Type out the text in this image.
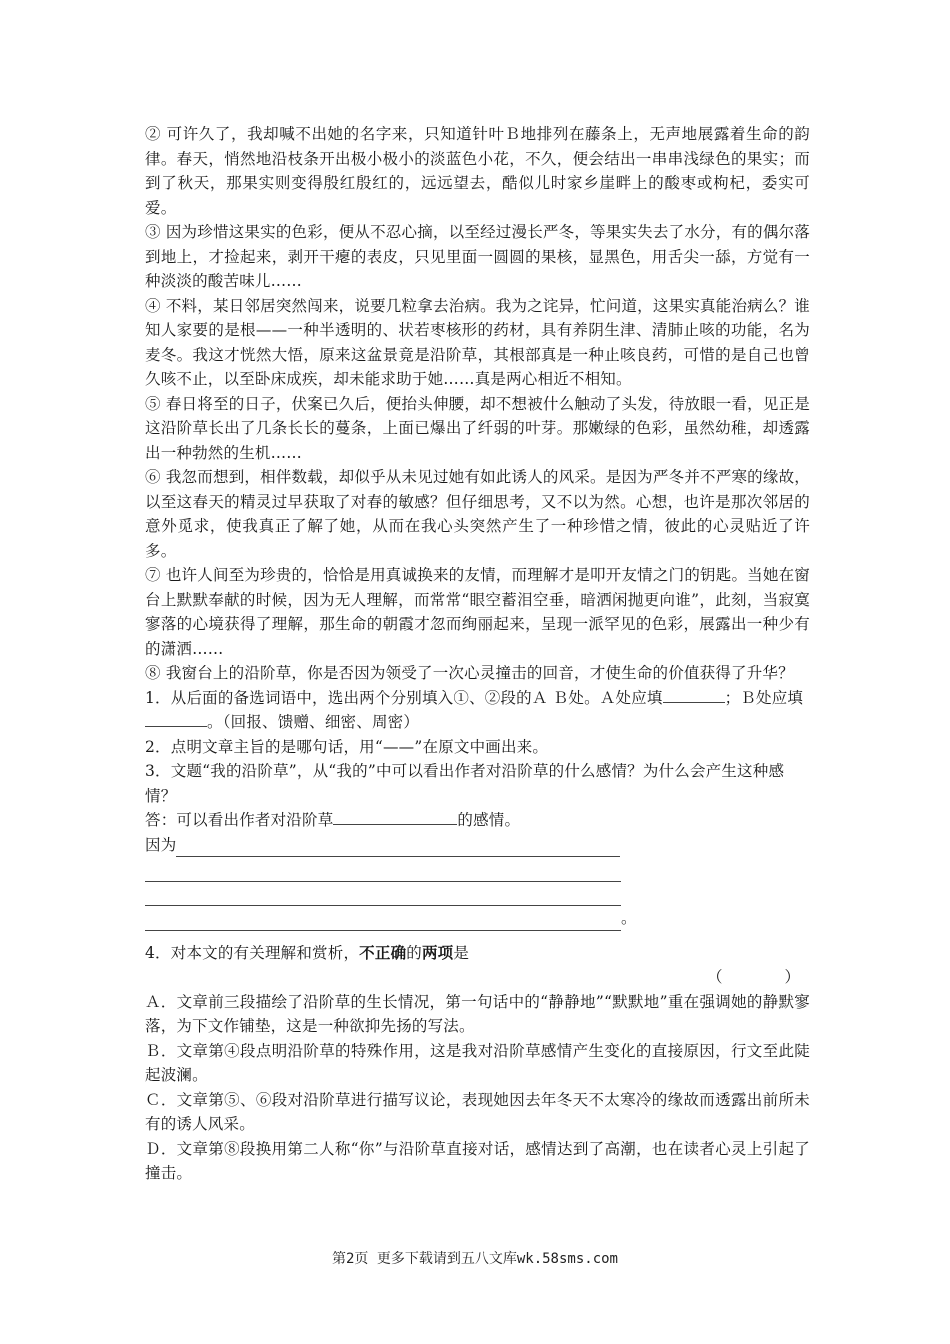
② 可许久了，我却喊不出她的名字来，只知道针叶Ｂ地排列在藤条上，无声地展露着生命的韵律。春天，悄然地沿枝条开出极小极小的淡蓝色小花，不久，便会结出一串串浅绿色的果实；而到了秋天，那果实则变得殷红殷红的，远远望去，酷似儿时家乡崖畔上的酸枣或枸杞，委实可爱。

③ 因为珍惜这果实的色彩，便从不忍心摘，以至经过漫长严冬，等果实失去了水分，有的偶尔落到地上，才捡起来，剥开干瘪的表皮，只见里面一圆圆的果核，显黑色，用舌尖一舔，方觉有一种淡淡的酸苦味儿……

④ 不料，某日邻居突然闯来，说要几粒拿去治病。我为之诧异，忙问道，这果实真能治病么？谁知人家要的是根——一种半透明的、状若枣核形的药材，具有养阴生津、清肺止咳的功能，名为麦冬。我这才恍然大悟，原来这盆景竟是沿阶草，其根部真是一种止咳良药，可惜的是自己也曾久咳不止，以至卧床成疾，却未能求助于她……真是两心相近不相知。

⑤ 春日将至的日子，伏案已久后，便抬头伸腰，却不想被什么触动了头发，待放眼一看，见正是这沿阶草长出了几条长长的蔓条，上面已爆出了纤弱的叶芽。那嫩绿的色彩，虽然幼稚，却透露出一种勃然的生机……

⑥ 我忽而想到，相伴数载，却似乎从未见过她有如此诱人的风采。是因为严冬并不严寒的缘故，以至这春天的精灵过早获取了对春的敏感？但仔细思考，又不以为然。心想，也许是那次邻居的意外觅求，使我真正了解了她，从而在我心头突然产生了一种珍惜之情，彼此的心灵贴近了许多。

⑦ 也许人间至为珍贵的，恰恰是用真诚换来的友情，而理解才是叩开友情之门的钥匙。当她在窗台上默默奉献的时候，因为无人理解，而常常“眼空蓄泪空垂，暗洒闲抛更向谁”，此刻，当寂寞寥落的心境获得了理解，那生命的朝霞才忽而绚丽起来，呈现一派罕见的色彩，展露出一种少有的潇洒……

⑧ 我窗台上的沿阶草，你是否因为领受了一次心灵撞击的回音，才使生命的价值获得了升华？

1．从后面的备选词语中，选出两个分别填入①、②段的Ａ Ｂ处。Ａ处应填	；Ｂ处应填。（回报、馈赠、细密、周密）

2．点明文章主旨的是哪句话，用“——”在原文中画出来。

3．文题“我的沿阶草”，从“我的”中可以看出作者对沿阶草的什么感情？为什么会产生这种感情？

答：可以看出作者对沿阶草	的感情。

因为
。

4．对本文的有关理解和赏析，不正确的两项是

（　　　　）

Ａ．文章前三段描绘了沿阶草的生长情况，第一句话中的“静静地”“默默地”重在强调她的静默寥落，为下文作铺垫，这是一种欲抑先扬的写法。

Ｂ．文章第④段点明沿阶草的特殊作用，这是我对沿阶草感情产生变化的直接原因，行文至此陡起波澜。

Ｃ．文章第⑤、⑥段对沿阶草进行描写议论，表现她因去年冬天不太寒冷的缘故而透露出前所未有的诱人风采。

Ｄ．文章第⑧段换用第二人称“你”与沿阶草直接对话，感情达到了高潮，也在读者心灵上引起了撞击。

第2页 更多下载请到五八文库wk.58sms.com
